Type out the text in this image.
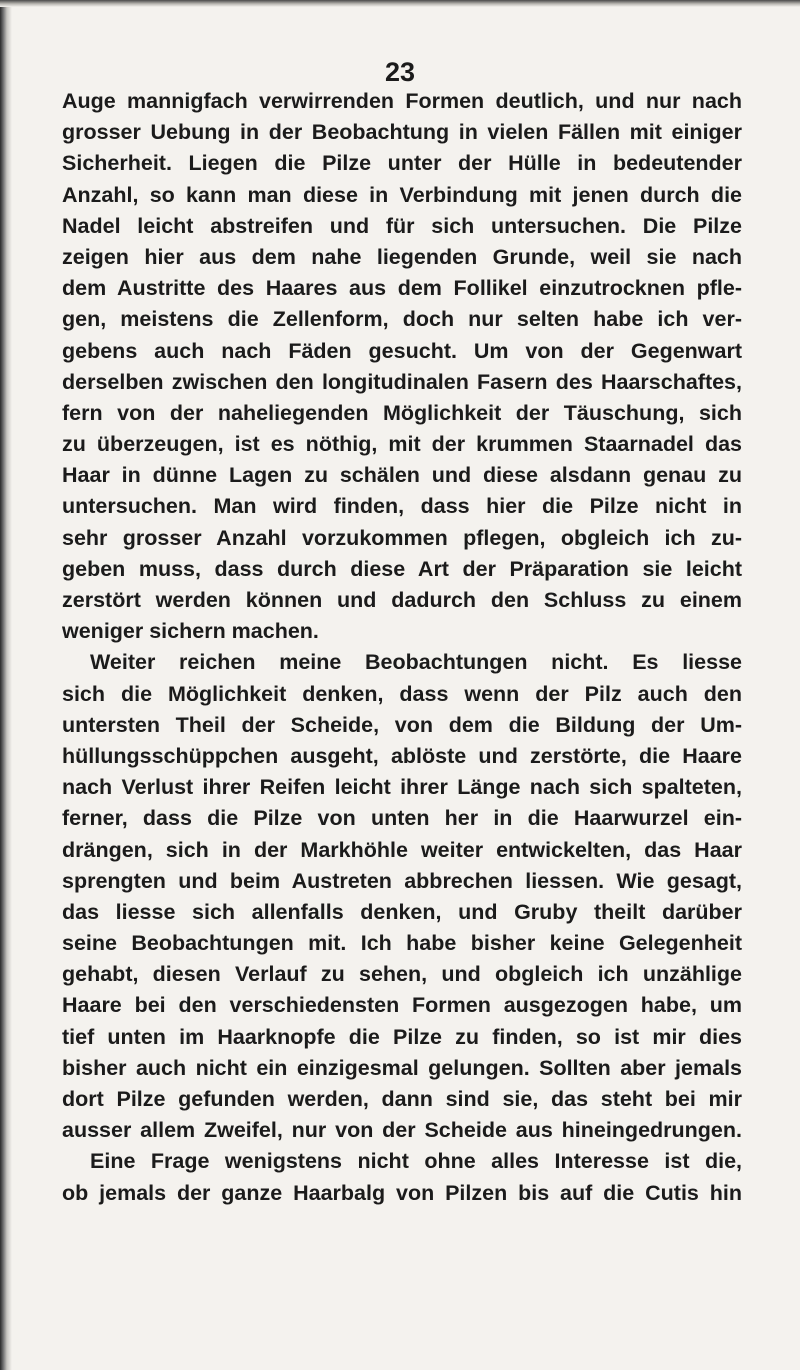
23
Auge mannigfach verwirrenden Formen deutlich, und nur nach
grosser Uebung in der Beobachtung in vielen Fällen mit einiger
Sicherheit. Liegen die Pilze unter der Hülle in bedeutender
Anzahl, so kann man diese in Verbindung mit jenen durch die
Nadel leicht abstreifen und für sich untersuchen. Die Pilze
zeigen hier aus dem nahe liegenden Grunde, weil sie nach
dem Austritte des Haares aus dem Follikel einzutrocknen pfle-
gen, meistens die Zellenform, doch nur selten habe ich ver-
gebens auch nach Fäden gesucht. Um von der Gegenwart
derselben zwischen den longitudinalen Fasern des Haarschaftes,
fern von der naheliegenden Möglichkeit der Täuschung, sich
zu überzeugen, ist es nöthig, mit der krummen Staarnadel das
Haar in dünne Lagen zu schälen und diese alsdann genau zu
untersuchen. Man wird finden, dass hier die Pilze nicht in
sehr grosser Anzahl vorzukommen pflegen, obgleich ich zu-
geben muss, dass durch diese Art der Präparation sie leicht
zerstört werden können und dadurch den Schluss zu einem
weniger sichern machen.
Weiter reichen meine Beobachtungen nicht. Es liesse
sich die Möglichkeit denken, dass wenn der Pilz auch den
untersten Theil der Scheide, von dem die Bildung der Um-
hüllungsschüppchen ausgeht, ablöste und zerstörte, die Haare
nach Verlust ihrer Reifen leicht ihrer Länge nach sich spalteten,
ferner, dass die Pilze von unten her in die Haarwurzel ein-
drängen, sich in der Markhöhle weiter entwickelten, das Haar
sprengten und beim Austreten abbrechen liessen. Wie gesagt,
das liesse sich allenfalls denken, und Gruby theilt darüber
seine Beobachtungen mit. Ich habe bisher keine Gelegenheit
gehabt, diesen Verlauf zu sehen, und obgleich ich unzählige
Haare bei den verschiedensten Formen ausgezogen habe, um
tief unten im Haarknopfe die Pilze zu finden, so ist mir dies
bisher auch nicht ein einzigesmal gelungen. Sollten aber jemals
dort Pilze gefunden werden, dann sind sie, das steht bei mir
ausser allem Zweifel, nur von der Scheide aus hineingedrungen.
Eine Frage wenigstens nicht ohne alles Interesse ist die,
ob jemals der ganze Haarbalg von Pilzen bis auf die Cutis hin
